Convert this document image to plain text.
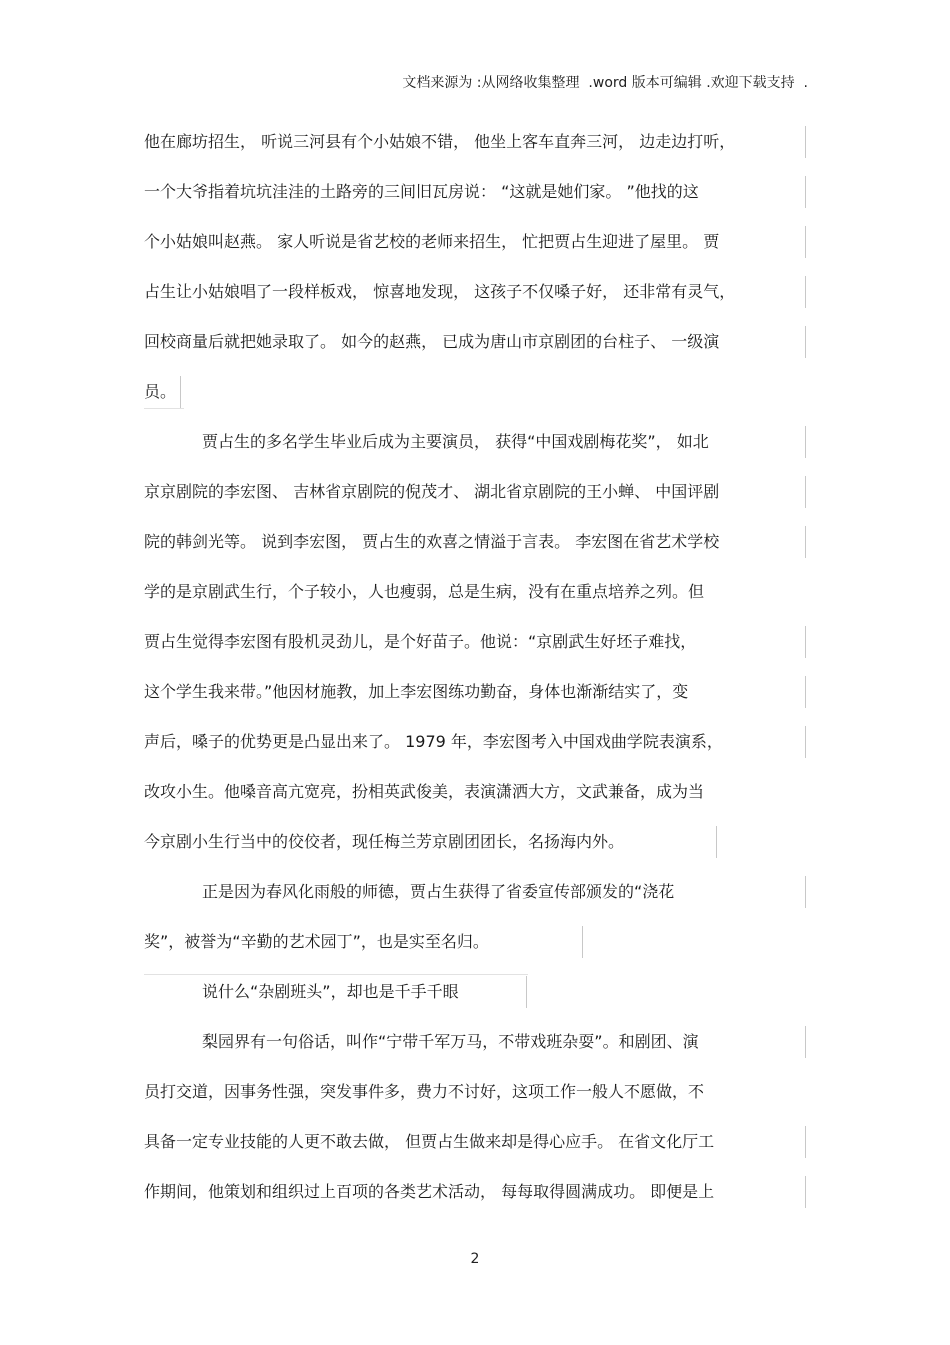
文档来源为 :从网络收集整理  .word 版本可编辑 .欢迎下载支持  .
他在廊坊招生， 听说三河县有个小姑娘不错， 他坐上客车直奔三河， 边走边打听，
一个大爷指着坑坑洼洼的土路旁的三间旧瓦房说： “这就是她们家。 ”他找的这
个小姑娘叫赵燕。 家人听说是省艺校的老师来招生， 忙把贾占生迎进了屋里。 贾
占生让小姑娘唱了一段样板戏， 惊喜地发现， 这孩子不仅嗓子好， 还非常有灵气，
回校商量后就把她录取了。 如今的赵燕， 已成为唐山市京剧团的台柱子、 一级演
员。
贾占生的多名学生毕业后成为主要演员， 获得“中国戏剧梅花奖”， 如北
京京剧院的李宏图、 吉林省京剧院的倪茂才、 湖北省京剧院的王小蝉、 中国评剧
院的韩剑光等。 说到李宏图， 贾占生的欢喜之情溢于言表。 李宏图在省艺术学校
学的是京剧武生行，个子较小，人也瘦弱，总是生病，没有在重点培养之列。但
贾占生觉得李宏图有股机灵劲儿，是个好苗子。他说：“京剧武生好坯子难找，
这个学生我来带。”他因材施教，加上李宏图练功勤奋，身体也渐渐结实了，变
声后，嗓子的优势更是凸显出来了。 1979 年，李宏图考入中国戏曲学院表演系，
改攻小生。他嗓音高亢宽亮，扮相英武俊美，表演潇洒大方，文武兼备，成为当
今京剧小生行当中的佼佼者，现任梅兰芳京剧团团长，名扬海内外。
正是因为春风化雨般的师德，贾占生获得了省委宣传部颁发的“浇花
奖”，被誉为“辛勤的艺术园丁”，也是实至名归。
说什么“杂剧班头”，却也是千手千眼
梨园界有一句俗话，叫作“宁带千军万马，不带戏班杂耍”。和剧团、演
员打交道，因事务性强，突发事件多，费力不讨好，这项工作一般人不愿做，不
具备一定专业技能的人更不敢去做， 但贾占生做来却是得心应手。 在省文化厅工
作期间，他策划和组织过上百项的各类艺术活动， 每每取得圆满成功。 即便是上
2
